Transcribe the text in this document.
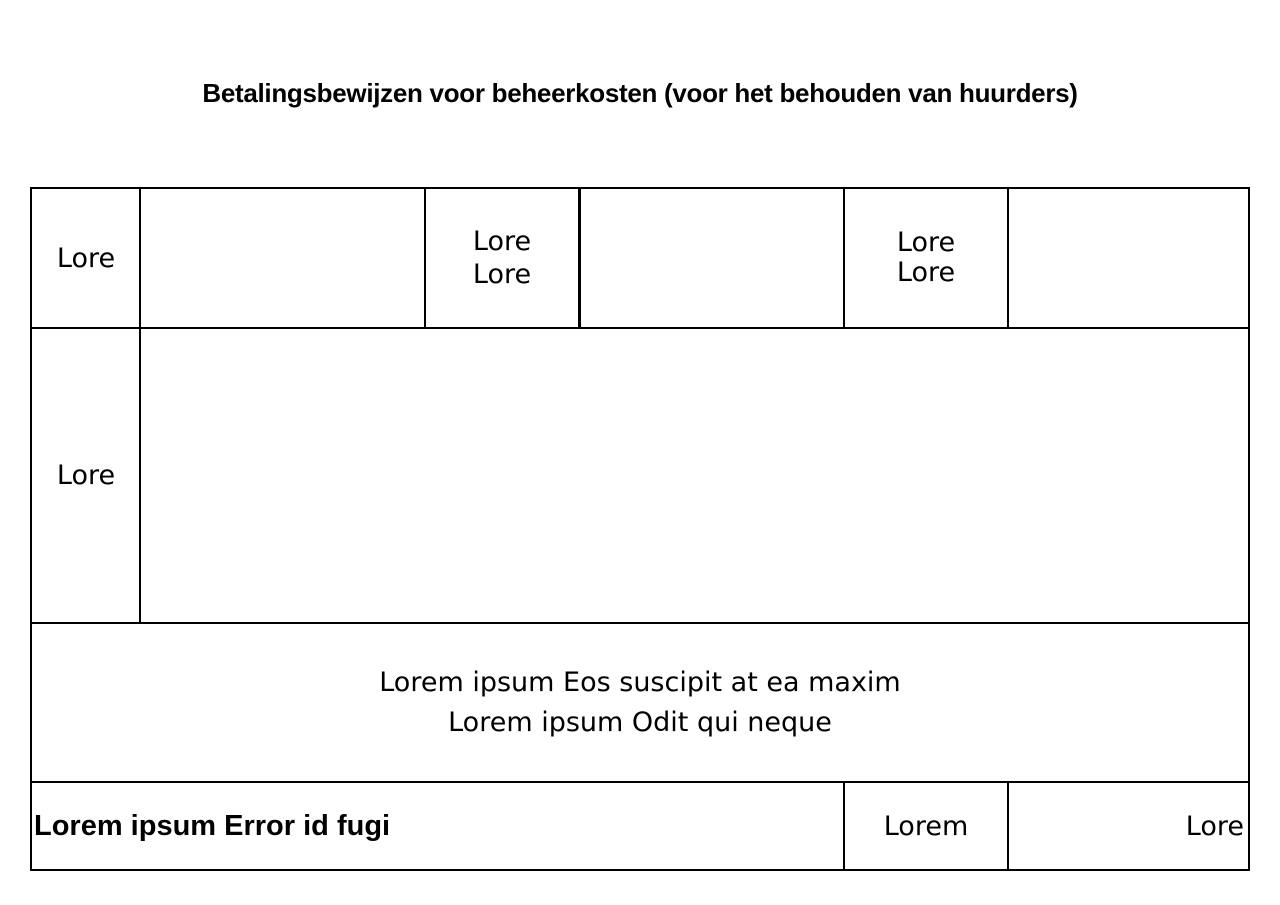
Betalingsbewijzen voor beheerkosten (voor het behouden van huurders)
Lore
Lore
Lore
Lore
Lore
Lore
Lorem ipsum Eos suscipit at ea maxim
Lorem ipsum Odit qui neque
Lorem ipsum Error id fugi	Lorem	Lore
